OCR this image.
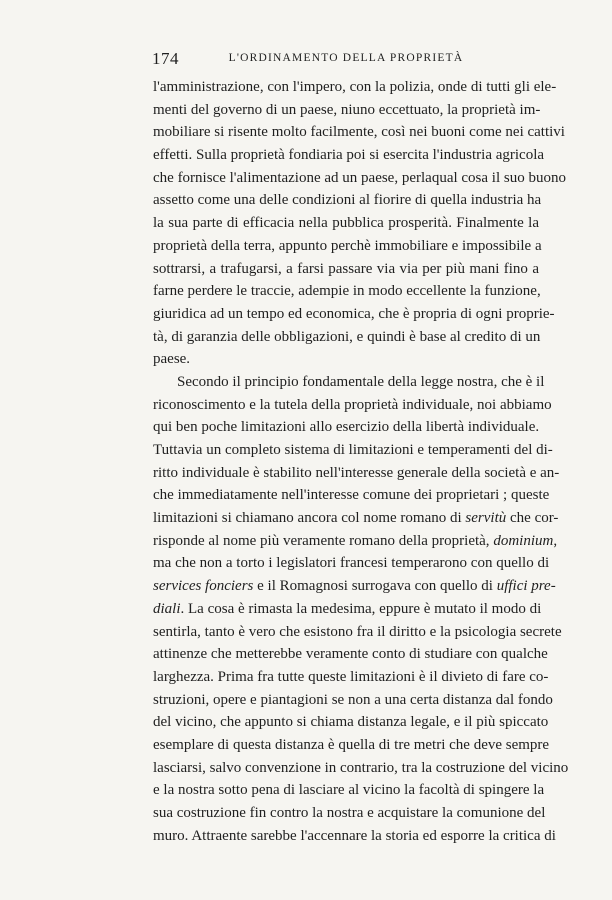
174	L'ORDINAMENTO DELLA PROPRIETÀ
l'amministrazione, con l'impero, con la polizia, onde di tutti gli ele-
menti del governo di un paese, niuno eccettuato, la proprietà im-
mobiliare si risente molto facilmente, così nei buoni come nei cattivi
effetti. Sulla proprietà fondiaria poi si esercita l'industria agricola
che fornisce l'alimentazione ad un paese, perlaqual cosa il suo buono
assetto come una delle condizioni al fiorire di quella industria ha
la sua parte di efficacia nella pubblica prosperità. Finalmente la
proprietà della terra, appunto perchè immobiliare e impossibile a
sottrarsi, a trafugarsi, a farsi passare via via per più mani fino a
farne perdere le traccie, adempie in modo eccellente la funzione,
giuridica ad un tempo ed economica, che è propria di ogni proprie-
tà, di garanzia delle obbligazioni, e quindi è base al credito di un
paese.
Secondo il principio fondamentale della legge nostra, che è il
riconoscimento e la tutela della proprietà individuale, noi abbiamo
qui ben poche limitazioni allo esercizio della libertà individuale.
Tuttavia un completo sistema di limitazioni e temperamenti del di-
ritto individuale è stabilito nell'interesse generale della società e an-
che immediatamente nell'interesse comune dei proprietari ; queste
limitazioni si chiamano ancora col nome romano di servitù che cor-
risponde al nome più veramente romano della proprietà, dominium,
ma che non a torto i legislatori francesi temperarono con quello di
services fonciers e il Romagnosi surrogava con quello di uffici pre-
diali. La cosa è rimasta la medesima, eppure è mutato il modo di
sentirla, tanto è vero che esistono fra il diritto e la psicologia secrete
attinenze che metterebbe veramente conto di studiare con qualche
larghezza. Prima fra tutte queste limitazioni è il divieto di fare co-
struzioni, opere e piantagioni se non a una certa distanza dal fondo
del vicino, che appunto si chiama distanza legale, e il più spiccato
esemplare di questa distanza è quella di tre metri che deve sempre
lasciarsi, salvo convenzione in contrario, tra la costruzione del vicino
e la nostra sotto pena di lasciare al vicino la facoltà di spingere la
sua costruzione fin contro la nostra e acquistare la comunione del
muro. Attraente sarebbe l'accennare la storia ed esporre la critica di
